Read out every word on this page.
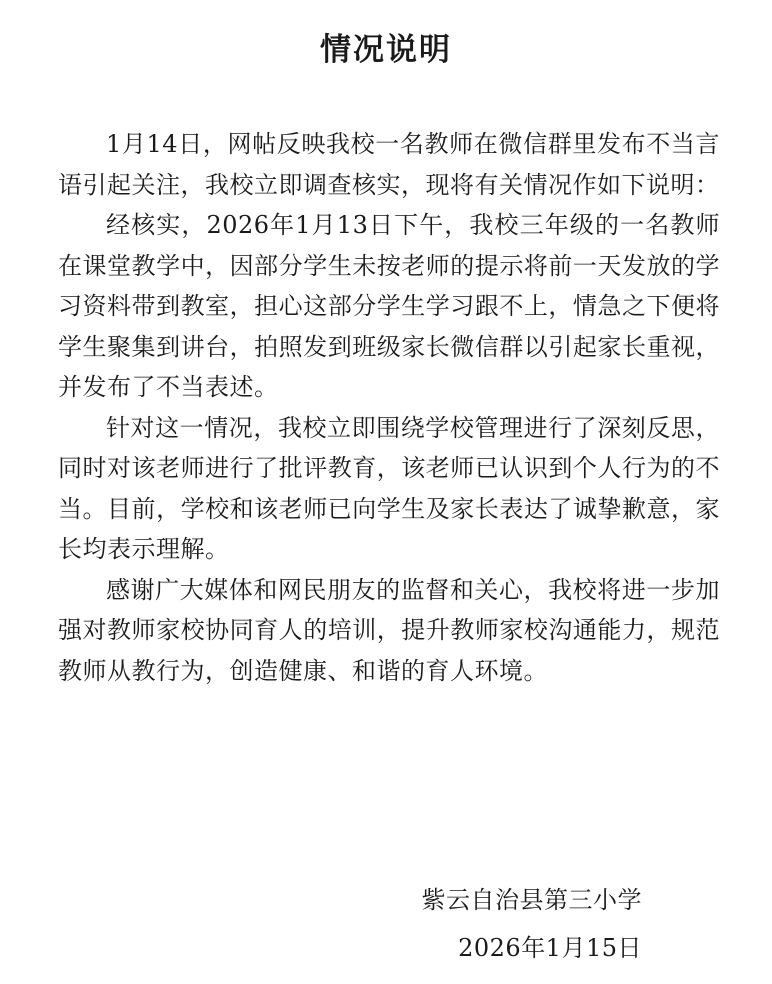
情况说明

1月14日，网帖反映我校一名教师在微信群里发布不当言语引起关注，我校立即调查核实，现将有关情况作如下说明：

经核实，2026年1月13日下午，我校三年级的一名教师在课堂教学中，因部分学生未按老师的提示将前一天发放的学习资料带到教室，担心这部分学生学习跟不上，情急之下便将学生聚集到讲台，拍照发到班级家长微信群以引起家长重视，并发布了不当表述。

针对这一情况，我校立即围绕学校管理进行了深刻反思，同时对该老师进行了批评教育，该老师已认识到个人行为的不当。目前，学校和该老师已向学生及家长表达了诚挚歉意，家长均表示理解。

感谢广大媒体和网民朋友的监督和关心，我校将进一步加强对教师家校协同育人的培训，提升教师家校沟通能力，规范教师从教行为，创造健康、和谐的育人环境。

紫云自治县第三小学
2026年1月15日
